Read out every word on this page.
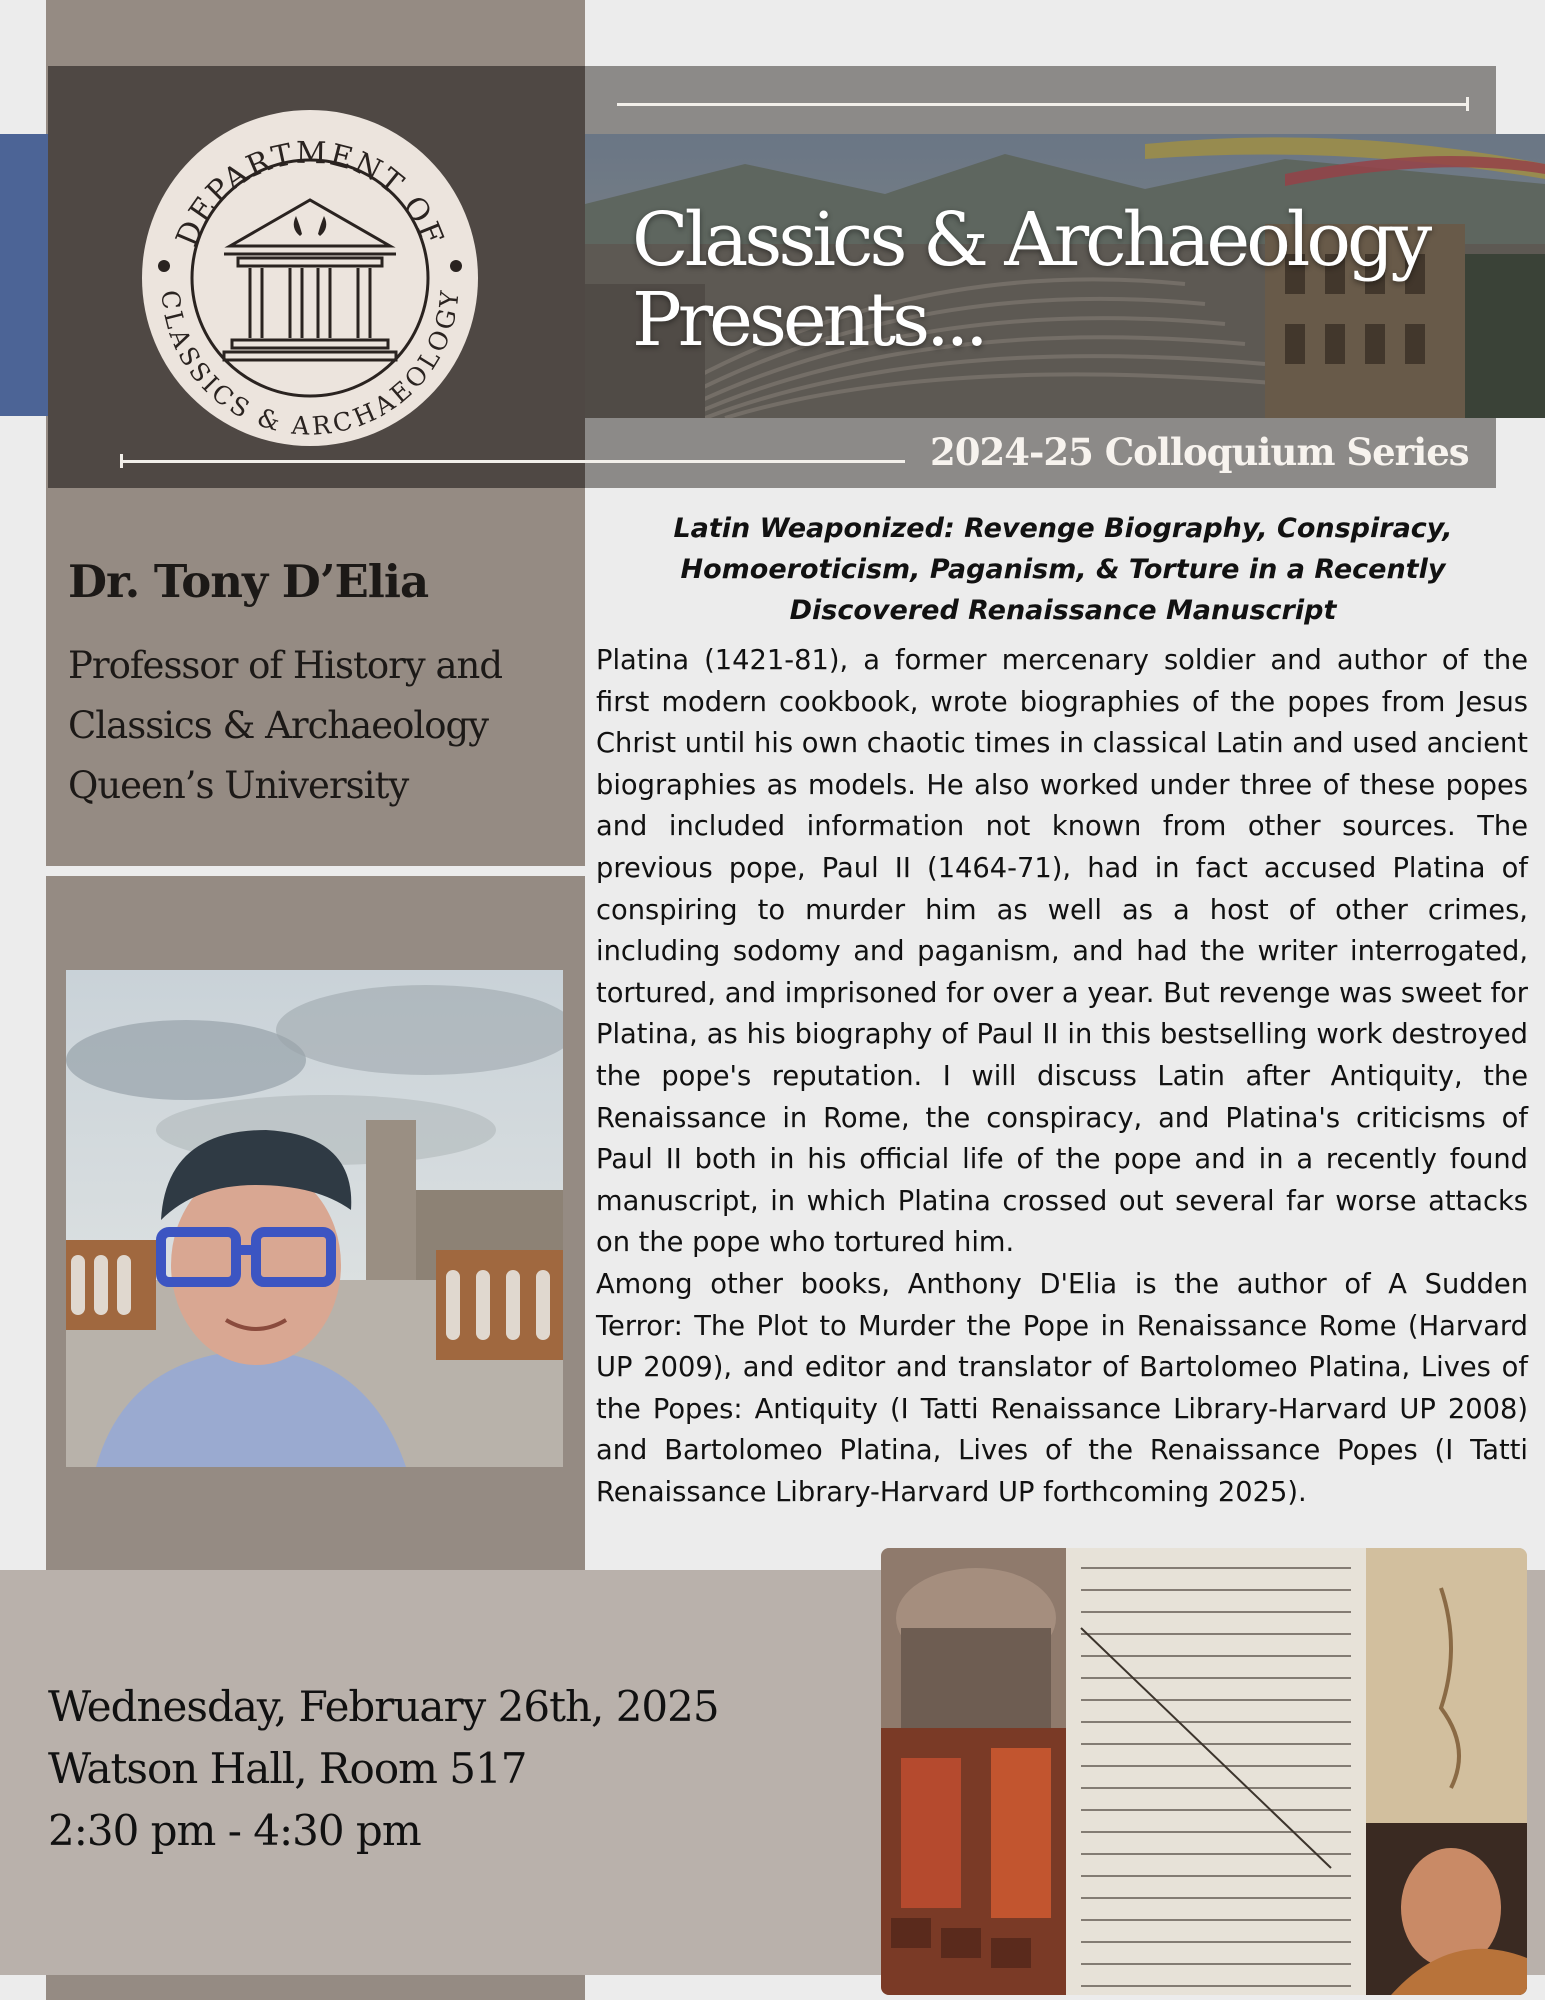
Classics & Archaeology
Presents...
2024-25 Colloquium Series
DEPARTMENT OF
CLASSICS & ARCHAEOLOGY
Dr. Tony D’Elia
Professor of History and
Classics & Archaeology
Queen’s University
Latin Weaponized: Revenge Biography, Conspiracy, Homoeroticism, Paganism, & Torture in a Recently Discovered Renaissance Manuscript
Platina (1421-81), a former mercenary soldier and author of the first modern cookbook, wrote biographies of the popes from Jesus Christ until his own chaotic times in classical Latin and used ancient biographies as models. He also worked under three of these popes and included information not known from other sources. The previous pope, Paul II (1464-71), had in fact accused Platina of conspiring to murder him as well as a host of other crimes, including sodomy and paganism, and had the writer interrogated, tortured, and imprisoned for over a year. But revenge was sweet for Platina, as his biography of Paul II in this bestselling work destroyed the pope's reputation. I will discuss Latin after Antiquity, the Renaissance in Rome, the conspiracy, and Platina's criticisms of Paul II both in his official life of the pope and in a recently found manuscript, in which Platina crossed out several far worse attacks on the pope who tortured him.
Among other books, Anthony D'Elia is the author of A Sudden Terror: The Plot to Murder the Pope in Renaissance Rome (Harvard UP 2009), and editor and translator of Bartolomeo Platina, Lives of the Popes: Antiquity (I Tatti Renaissance Library-Harvard UP 2008) and Bartolomeo Platina, Lives of the Renaissance Popes (I Tatti Renaissance Library-Harvard UP forthcoming 2025).
Wednesday, February 26th, 2025
Watson Hall, Room 517
2:30 pm - 4:30 pm
